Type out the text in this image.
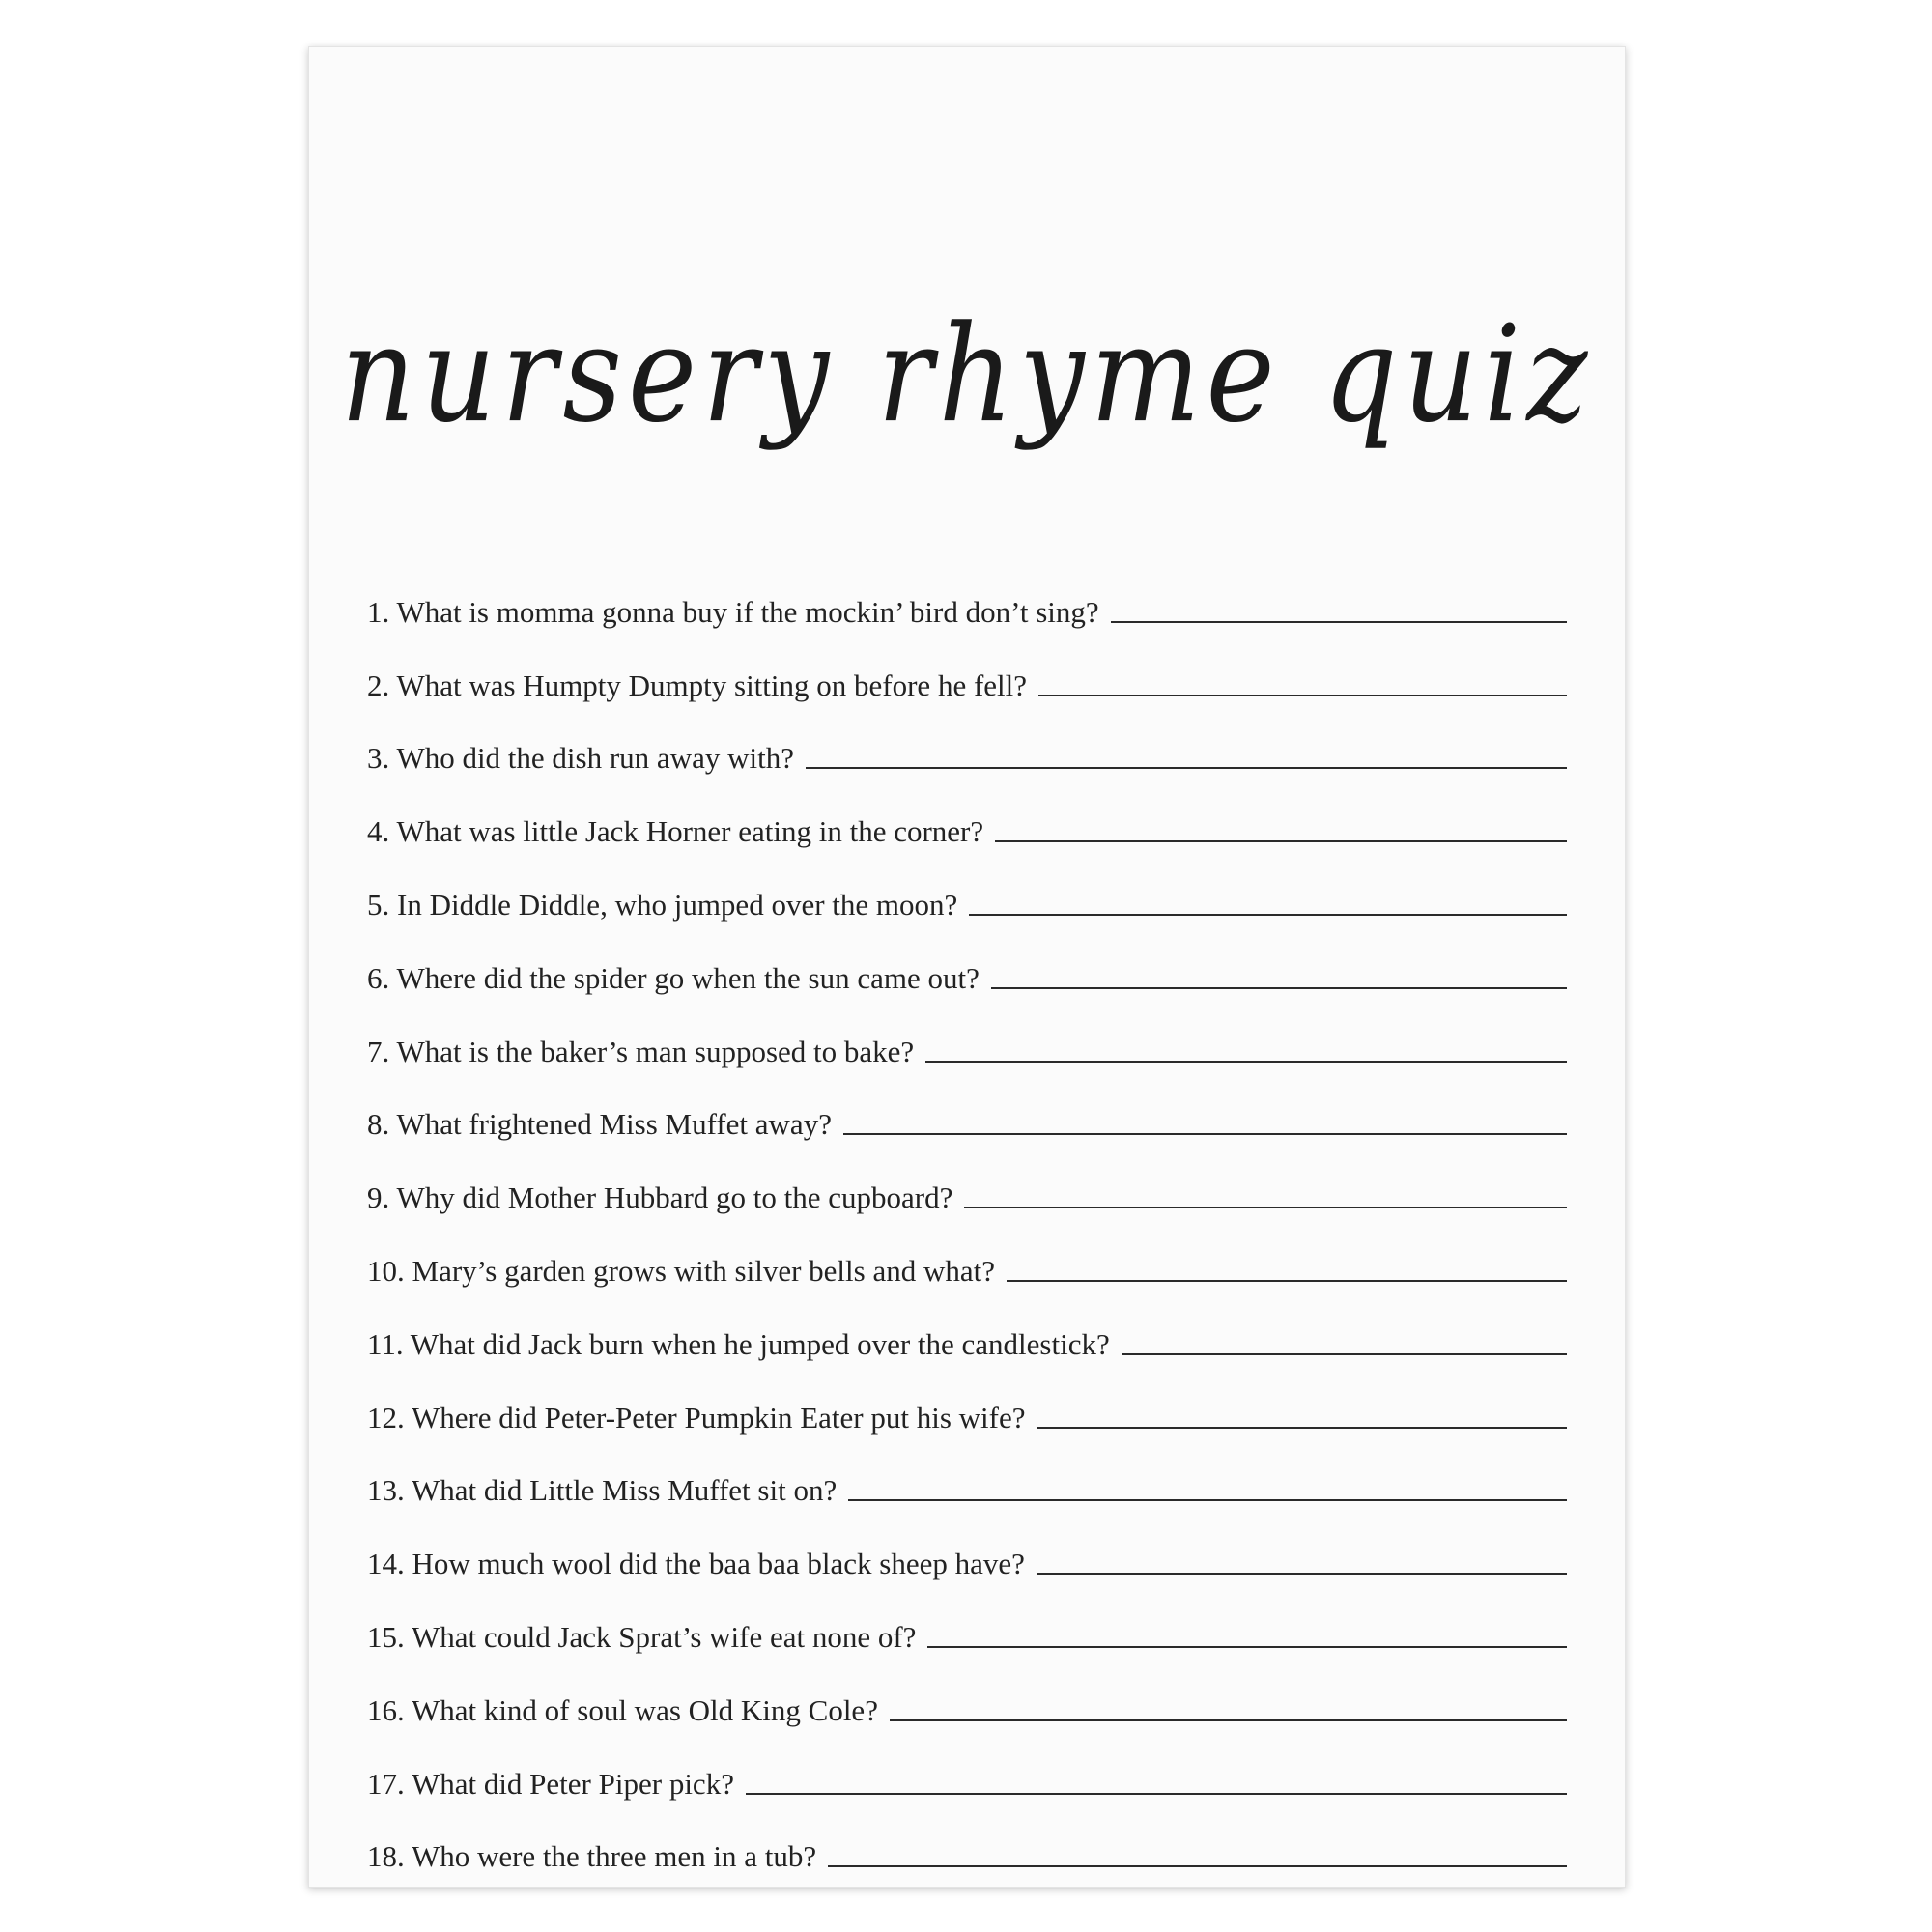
nursery rhyme quiz
1. What is momma gonna buy if the mockin’ bird don’t sing?
2. What was Humpty Dumpty sitting on before he fell?
3. Who did the dish run away with?
4. What was little Jack Horner eating in the corner?
5. In Diddle Diddle, who jumped over the moon?
6. Where did the spider go when the sun came out?
7. What is the baker’s man supposed to bake?
8. What frightened Miss Muffet away?
9. Why did Mother Hubbard go to the cupboard?
10. Mary’s garden grows with silver bells and what?
11. What did Jack burn when he jumped over the candlestick?
12. Where did Peter-Peter Pumpkin Eater put his wife?
13. What did Little Miss Muffet sit on?
14. How much wool did the baa baa black sheep have?
15. What could Jack Sprat’s wife eat none of?
16. What kind of soul was Old King Cole?
17. What did Peter Piper pick?
18. Who were the three men in a tub?
